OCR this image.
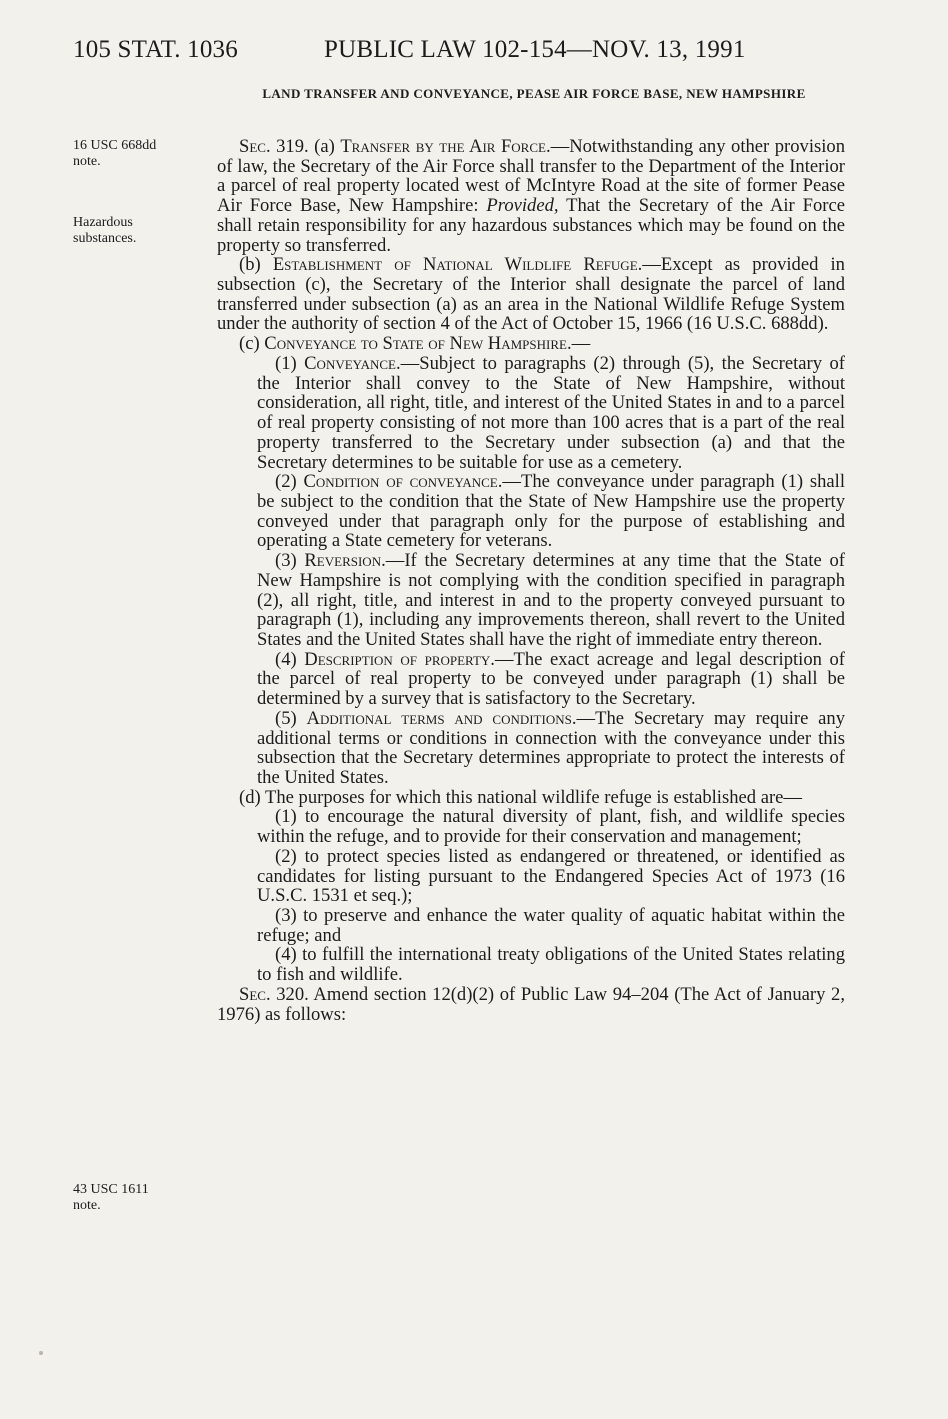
105 STAT. 1036	PUBLIC LAW 102-154—NOV. 13, 1991
LAND TRANSFER AND CONVEYANCE, PEASE AIR FORCE BASE, NEW HAMPSHIRE
16 USC 668dd
note.
Hazardous
substances.
43 USC 1611
note.

Sec. 319. (a) Transfer by the Air Force.—Notwithstanding any other provision of law, the Secretary of the Air Force shall transfer to the Department of the Interior a parcel of real property located west of McIntyre Road at the site of former Pease Air Force Base, New Hampshire: Provided, That the Secretary of the Air Force shall retain responsibility for any hazardous substances which may be found on the property so transferred.

(b) Establishment of National Wildlife Refuge.—Except as provided in subsection (c), the Secretary of the Interior shall designate the parcel of land transferred under subsection (a) as an area in the National Wildlife Refuge System under the authority of section 4 of the Act of October 15, 1966 (16 U.S.C. 688dd).

(c) Conveyance to State of New Hampshire.—

(1) Conveyance.—Subject to paragraphs (2) through (5), the Secretary of the Interior shall convey to the State of New Hampshire, without consideration, all right, title, and interest of the United States in and to a parcel of real property consisting of not more than 100 acres that is a part of the real property transferred to the Secretary under subsection (a) and that the Secretary determines to be suitable for use as a cemetery.

(2) Condition of conveyance.—The conveyance under paragraph (1) shall be subject to the condition that the State of New Hampshire use the property conveyed under that paragraph only for the purpose of establishing and operating a State cemetery for veterans.

(3) Reversion.—If the Secretary determines at any time that the State of New Hampshire is not complying with the condition specified in paragraph (2), all right, title, and interest in and to the property conveyed pursuant to paragraph (1), including any improvements thereon, shall revert to the United States and the United States shall have the right of immediate entry thereon.

(4) Description of property.—The exact acreage and legal description of the parcel of real property to be conveyed under paragraph (1) shall be determined by a survey that is satisfactory to the Secretary.

(5) Additional terms and conditions.—The Secretary may require any additional terms or conditions in connection with the conveyance under this subsection that the Secretary determines appropriate to protect the interests of the United States.

(d) The purposes for which this national wildlife refuge is established are—

(1) to encourage the natural diversity of plant, fish, and wildlife species within the refuge, and to provide for their conservation and management;

(2) to protect species listed as endangered or threatened, or identified as candidates for listing pursuant to the Endangered Species Act of 1973 (16 U.S.C. 1531 et seq.);

(3) to preserve and enhance the water quality of aquatic habitat within the refuge; and

(4) to fulfill the international treaty obligations of the United States relating to fish and wildlife.

Sec. 320. Amend section 12(d)(2) of Public Law 94–204 (The Act of January 2, 1976) as follows:
